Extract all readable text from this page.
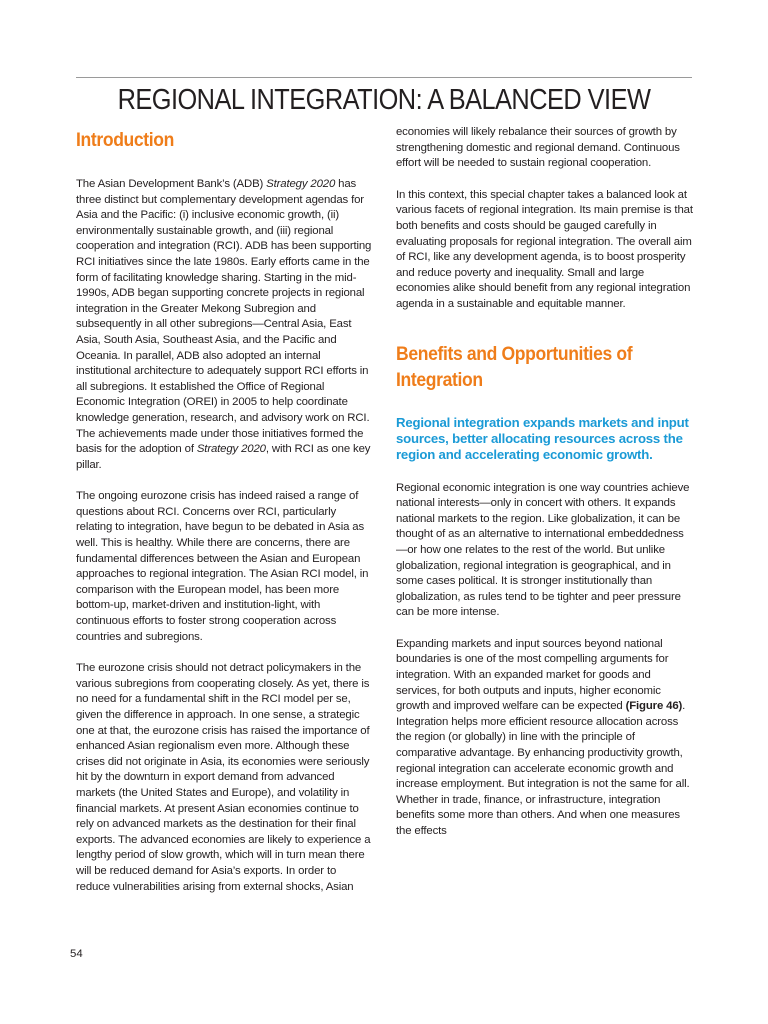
REGIONAL INTEGRATION: A BALANCED VIEW
Introduction

The Asian Development Bank’s (ADB) Strategy 2020 has three distinct but complementary development agendas for Asia and the Pacific: (i) inclusive economic growth, (ii) environmentally sustainable growth, and (iii) regional cooperation and integration (RCI). ADB has been supporting RCI initiatives since the late 1980s. Early efforts came in the form of facilitating knowledge sharing. Starting in the mid-1990s, ADB began supporting concrete projects in regional integration in the Greater Mekong Subregion and subsequently in all other subregions—Central Asia, East Asia, South Asia, Southeast Asia, and the Pacific and Oceania. In parallel, ADB also adopted an internal institutional architecture to adequately support RCI efforts in all subregions. It established the Office of Regional Economic Integration (OREI) in 2005 to help coordinate knowledge generation, research, and advisory work on RCI. The achievements made under those initiatives formed the basis for the adoption of Strategy 2020, with RCI as one key pillar.

The ongoing eurozone crisis has indeed raised a range of questions about RCI. Concerns over RCI, particularly relating to integration, have begun to be debated in Asia as well. This is healthy. While there are concerns, there are fundamental differences between the Asian and European approaches to regional integration. The Asian RCI model, in comparison with the European model, has been more bottom-up, market-driven and institution-light, with continuous efforts to foster strong cooperation across countries and subregions.

The eurozone crisis should not detract policymakers in the various subregions from cooperating closely. As yet, there is no need for a fundamental shift in the RCI model per se, given the difference in approach. In one sense, a strategic one at that, the eurozone crisis has raised the importance of enhanced Asian regionalism even more. Although these crises did not originate in Asia, its economies were seriously hit by the downturn in export demand from advanced markets (the United States and Europe), and volatility in financial markets. At present Asian economies continue to rely on advanced markets as the destination for their final exports. The advanced economies are likely to experience a lengthy period of slow growth, which will in turn mean there will be reduced demand for Asia’s exports. In order to reduce vulnerabilities arising from external shocks, Asian

economies will likely rebalance their sources of growth by strengthening domestic and regional demand. Continuous effort will be needed to sustain regional cooperation.

In this context, this special chapter takes a balanced look at various facets of regional integration. Its main premise is that both benefits and costs should be gauged carefully in evaluating proposals for regional integration. The overall aim of RCI, like any development agenda, is to boost prosperity and reduce poverty and inequality. Small and large economies alike should benefit from any regional integration agenda in a sustainable and equitable manner.

Benefits and Opportunities of Integration
Regional integration expands markets and input sources, better allocating resources across the region and accelerating economic growth.

Regional economic integration is one way countries achieve national interests—only in concert with others. It expands national markets to the region. Like globalization, it can be thought of as an alternative to international embeddedness—or how one relates to the rest of the world. But unlike globalization, regional integration is geographical, and in some cases political. It is stronger institutionally than globalization, as rules tend to be tighter and peer pressure can be more intense.

Expanding markets and input sources beyond national boundaries is one of the most compelling arguments for integration. With an expanded market for goods and services, for both outputs and inputs, higher economic growth and improved welfare can be expected (Figure 46). Integration helps more efficient resource allocation across the region (or globally) in line with the principle of comparative advantage. By enhancing productivity growth, regional integration can accelerate economic growth and increase employment. But integration is not the same for all. Whether in trade, finance, or infrastructure, integration benefits some more than others. And when one measures the effects

54
